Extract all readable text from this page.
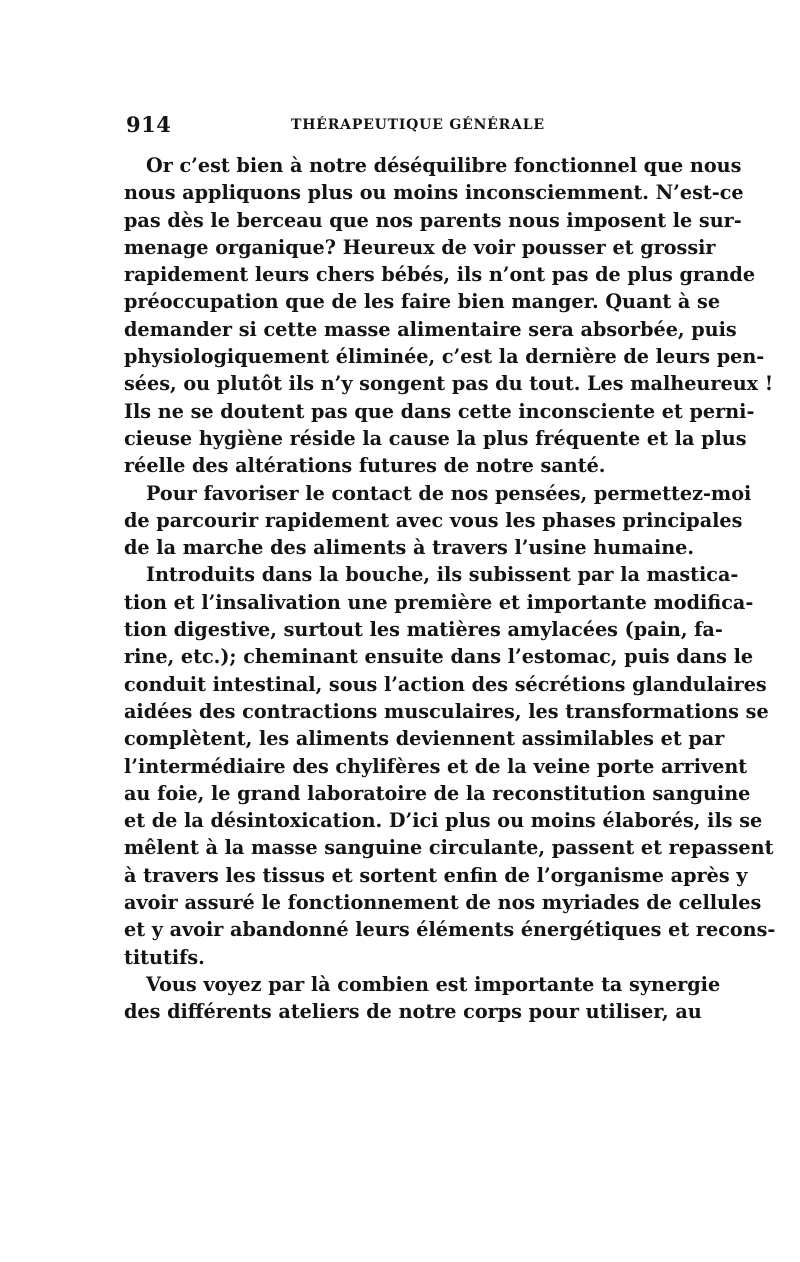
914	THÉRAPEUTIQUE GÉNÉRALE
Or c’est bien à notre déséquilibre fonctionnel que nous
nous appliquons plus ou moins inconsciemment. N’est-ce
pas dès le berceau que nos parents nous imposent le sur-
menage organique? Heureux de voir pousser et grossir
rapidement leurs chers bébés, ils n’ont pas de plus grande
préoccupation que de les faire bien manger. Quant à se
demander si cette masse alimentaire sera absorbée, puis
physiologiquement éliminée, c’est la dernière de leurs pen-
sées, ou plutôt ils n’y songent pas du tout. Les malheureux !
Ils ne se doutent pas que dans cette inconsciente et perni-
cieuse hygiène réside la cause la plus fréquente et la plus
réelle des altérations futures de notre santé.
Pour favoriser le contact de nos pensées, permettez-moi
de parcourir rapidement avec vous les phases principales
de la marche des aliments à travers l’usine humaine.
Introduits dans la bouche, ils subissent par la mastica-
tion et l’insalivation une première et importante modifica-
tion digestive, surtout les matières amylacées (pain, fa-
rine, etc.); cheminant ensuite dans l’estomac, puis dans le
conduit intestinal, sous l’action des sécrétions glandulaires
aidées des contractions musculaires, les transformations se
complètent, les aliments deviennent assimilables et par
l’intermédiaire des chylifères et de la veine porte arrivent
au foie, le grand laboratoire de la reconstitution sanguine
et de la désintoxication. D’ici plus ou moins élaborés, ils se
mêlent à la masse sanguine circulante, passent et repassent
à travers les tissus et sortent enfin de l’organisme après y
avoir assuré le fonctionnement de nos myriades de cellules
et y avoir abandonné leurs éléments énergétiques et recons-
titutifs.
Vous voyez par là combien est importante ta synergie
des différents ateliers de notre corps pour utiliser, au
